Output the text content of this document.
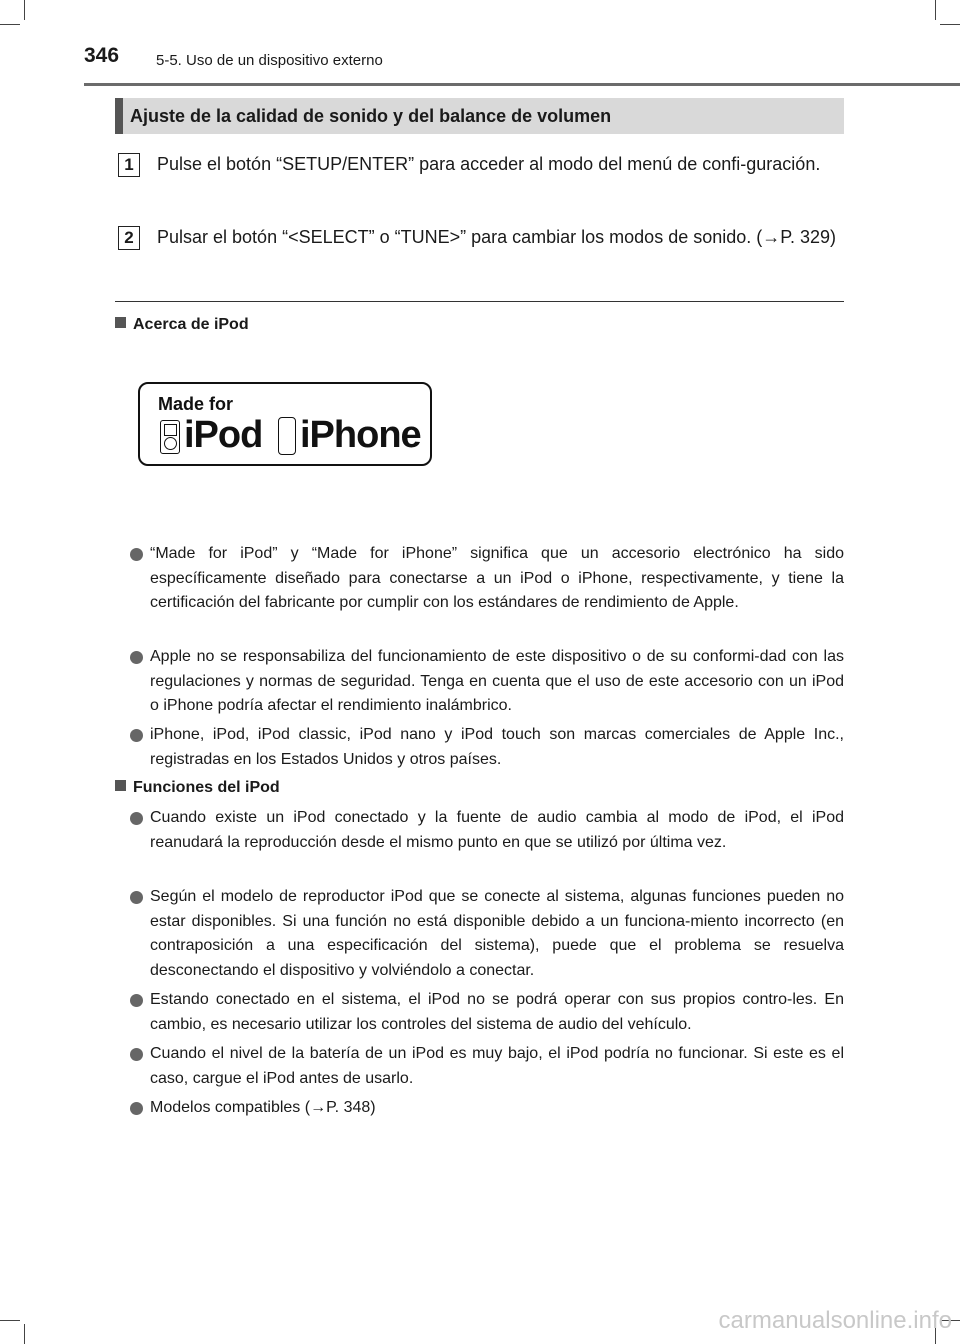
346 5-5. Uso de un dispositivo externo
Ajuste de la calidad de sonido y del balance de volumen
1	Pulse el botón “SETUP/ENTER” para acceder al modo del menú de confi-guración.
2	Pulsar el botón “<SELECT” o “TUNE>” para cambiar los modos de sonido. (→P. 329)
Acerca de iPod
Made for
iPod iPhone
“Made for iPod” y “Made for iPhone” significa que un accesorio electrónico ha sido específicamente diseñado para conectarse a un iPod o iPhone, respectivamente, y tiene la certificación del fabricante por cumplir con los estándares de rendimiento de Apple.
Apple no se responsabiliza del funcionamiento de este dispositivo o de su conformi-dad con las regulaciones y normas de seguridad. Tenga en cuenta que el uso de este accesorio con un iPod o iPhone podría afectar el rendimiento inalámbrico.
iPhone, iPod, iPod classic, iPod nano y iPod touch son marcas comerciales de Apple Inc., registradas en los Estados Unidos y otros países.
Funciones del iPod
Cuando existe un iPod conectado y la fuente de audio cambia al modo de iPod, el iPod reanudará la reproducción desde el mismo punto en que se utilizó por última vez.
Según el modelo de reproductor iPod que se conecte al sistema, algunas funciones pueden no estar disponibles. Si una función no está disponible debido a un funciona-miento incorrecto (en contraposición a una especificación del sistema), puede que el problema se resuelva desconectando el dispositivo y volviéndolo a conectar.
Estando conectado en el sistema, el iPod no se podrá operar con sus propios contro-les. En cambio, es necesario utilizar los controles del sistema de audio del vehículo.
Cuando el nivel de la batería de un iPod es muy bajo, el iPod podría no funcionar. Si este es el caso, cargue el iPod antes de usarlo.
Modelos compatibles (→P. 348)
carmanualsonline.info
